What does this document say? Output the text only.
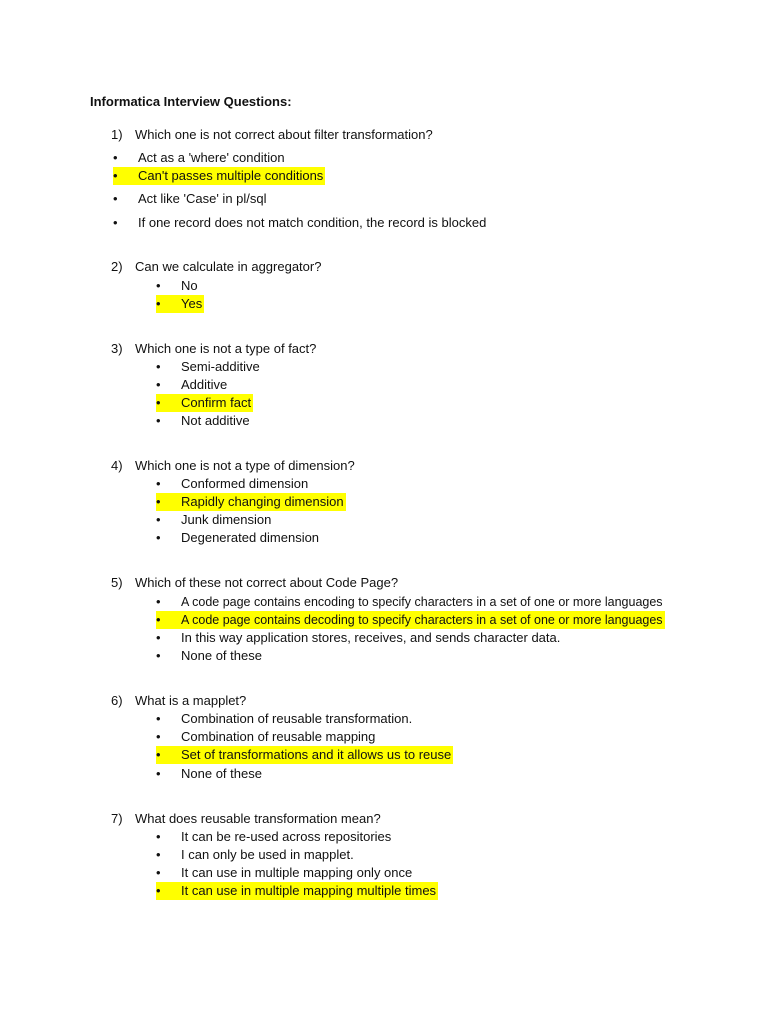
Informatica Interview Questions:
1) Which one is not correct about filter transformation?
•	Act as a 'where' condition
•	Can't passes multiple conditions
•	Act like 'Case' in pl/sql
•	If one record does not match condition, the record is blocked
2) Can we calculate in aggregator?
•	No
•	Yes
3) Which one is not a type of fact?
•	Semi-additive
•	Additive
•	Confirm fact
•	Not additive
4) Which one is not a type of dimension?
•	Conformed dimension
•	Rapidly changing dimension
•	Junk dimension
•	Degenerated dimension
5) Which of these not correct about Code Page?
•	A code page contains encoding to specify characters in a set of one or more languages
•	A code page contains decoding to specify characters in a set of one or more languages
•	In this way application stores, receives, and sends character data.
•	None of these
6) What is a mapplet?
•	Combination of reusable transformation.
•	Combination of reusable mapping
•	Set of transformations and it allows us to reuse
•	None of these
7) What does reusable transformation mean?
•	It can be re-used across repositories
•	I can only be used in mapplet.
•	It can use in multiple mapping only once
•	It can use in multiple mapping multiple times
